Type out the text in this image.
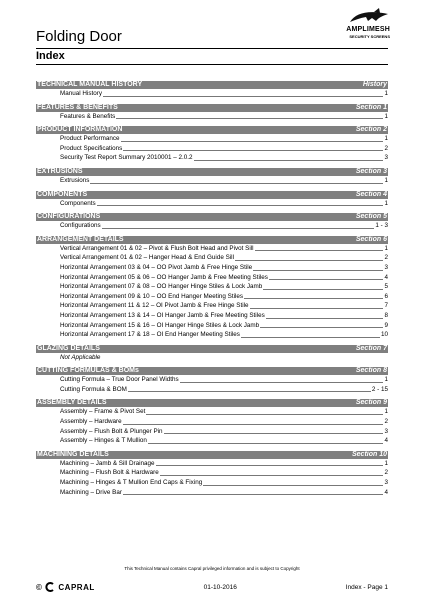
Folding Door
Index
AMPLIMESH
SECURITY SCREENS
TECHNICAL MANUAL HISTORY	History
Manual History	1
FEATURES & BENEFITS	Section 1
Features & Benefits	1
PRODUCT INFORMATION	Section 2
Product Performance	1
Product Specifications	2
Security Test Report Summary 2010001 – 2.0.2	3
EXTRUSIONS	Section 3
Extrusions	1
COMPONENTS	Section 4
Components	1
CONFIGURATIONS	Section 5
Configurations	1 - 3
ARRANGEMENT DETAILS	Section 6
Vertical Arrangement 01 & 02 – Pivot & Flush Bolt Head and Pivot Sill	1
Vertical Arrangement 01 & 02 – Hanger Head & End Guide Sill	2
Horizontal Arrangement 03 & 04 – OO Pivot Jamb & Free Hinge Stile	3
Horizontal Arrangement 05 & 06 – OO Hanger Jamb & Free Meeting Stiles	4
Horizontal Arrangement 07 & 08 – OO Hanger Hinge Stiles & Lock Jamb	5
Horizontal Arrangement 09 & 10 – OO End Hanger Meeting Stiles	6
Horizontal Arrangement 11 & 12 – OI Pivot Jamb & Free Hinge Stile	7
Horizontal Arrangement 13 & 14 – OI Hanger Jamb & Free Meeting Stiles	8
Horizontal Arrangement 15 & 16 – OI Hanger Hinge Stiles & Lock Jamb	9
Horizontal Arrangement 17 & 18 – OI End Hanger Meeting Stiles	10
GLAZING DETAILS	Section 7
Not Applicable
CUTTING FORMULAS & BOMs	Section 8
Cutting Formula – True Door Panel Widths	1
Cutting Formula & BOM	2 - 15
ASSEMBLY DETAILS	Section 9
Assembly – Frame & Pivot Set	1
Assembly – Hardware	2
Assembly – Flush Bolt & Plunger Pin	3
Assembly – Hinges & T Mullion	4
MACHINING DETAILS	Section 10
Machining – Jamb & Sill Drainage	1
Machining – Flush Bolt & Hardware	2
Machining – Hinges & T Mullion End Caps & Fixing	3
Machining – Drive Bar	4
This Technical Manual contains Capral privileged information and is subject to Copyright
© CAPRAL	01-10-2016	Index - Page 1
